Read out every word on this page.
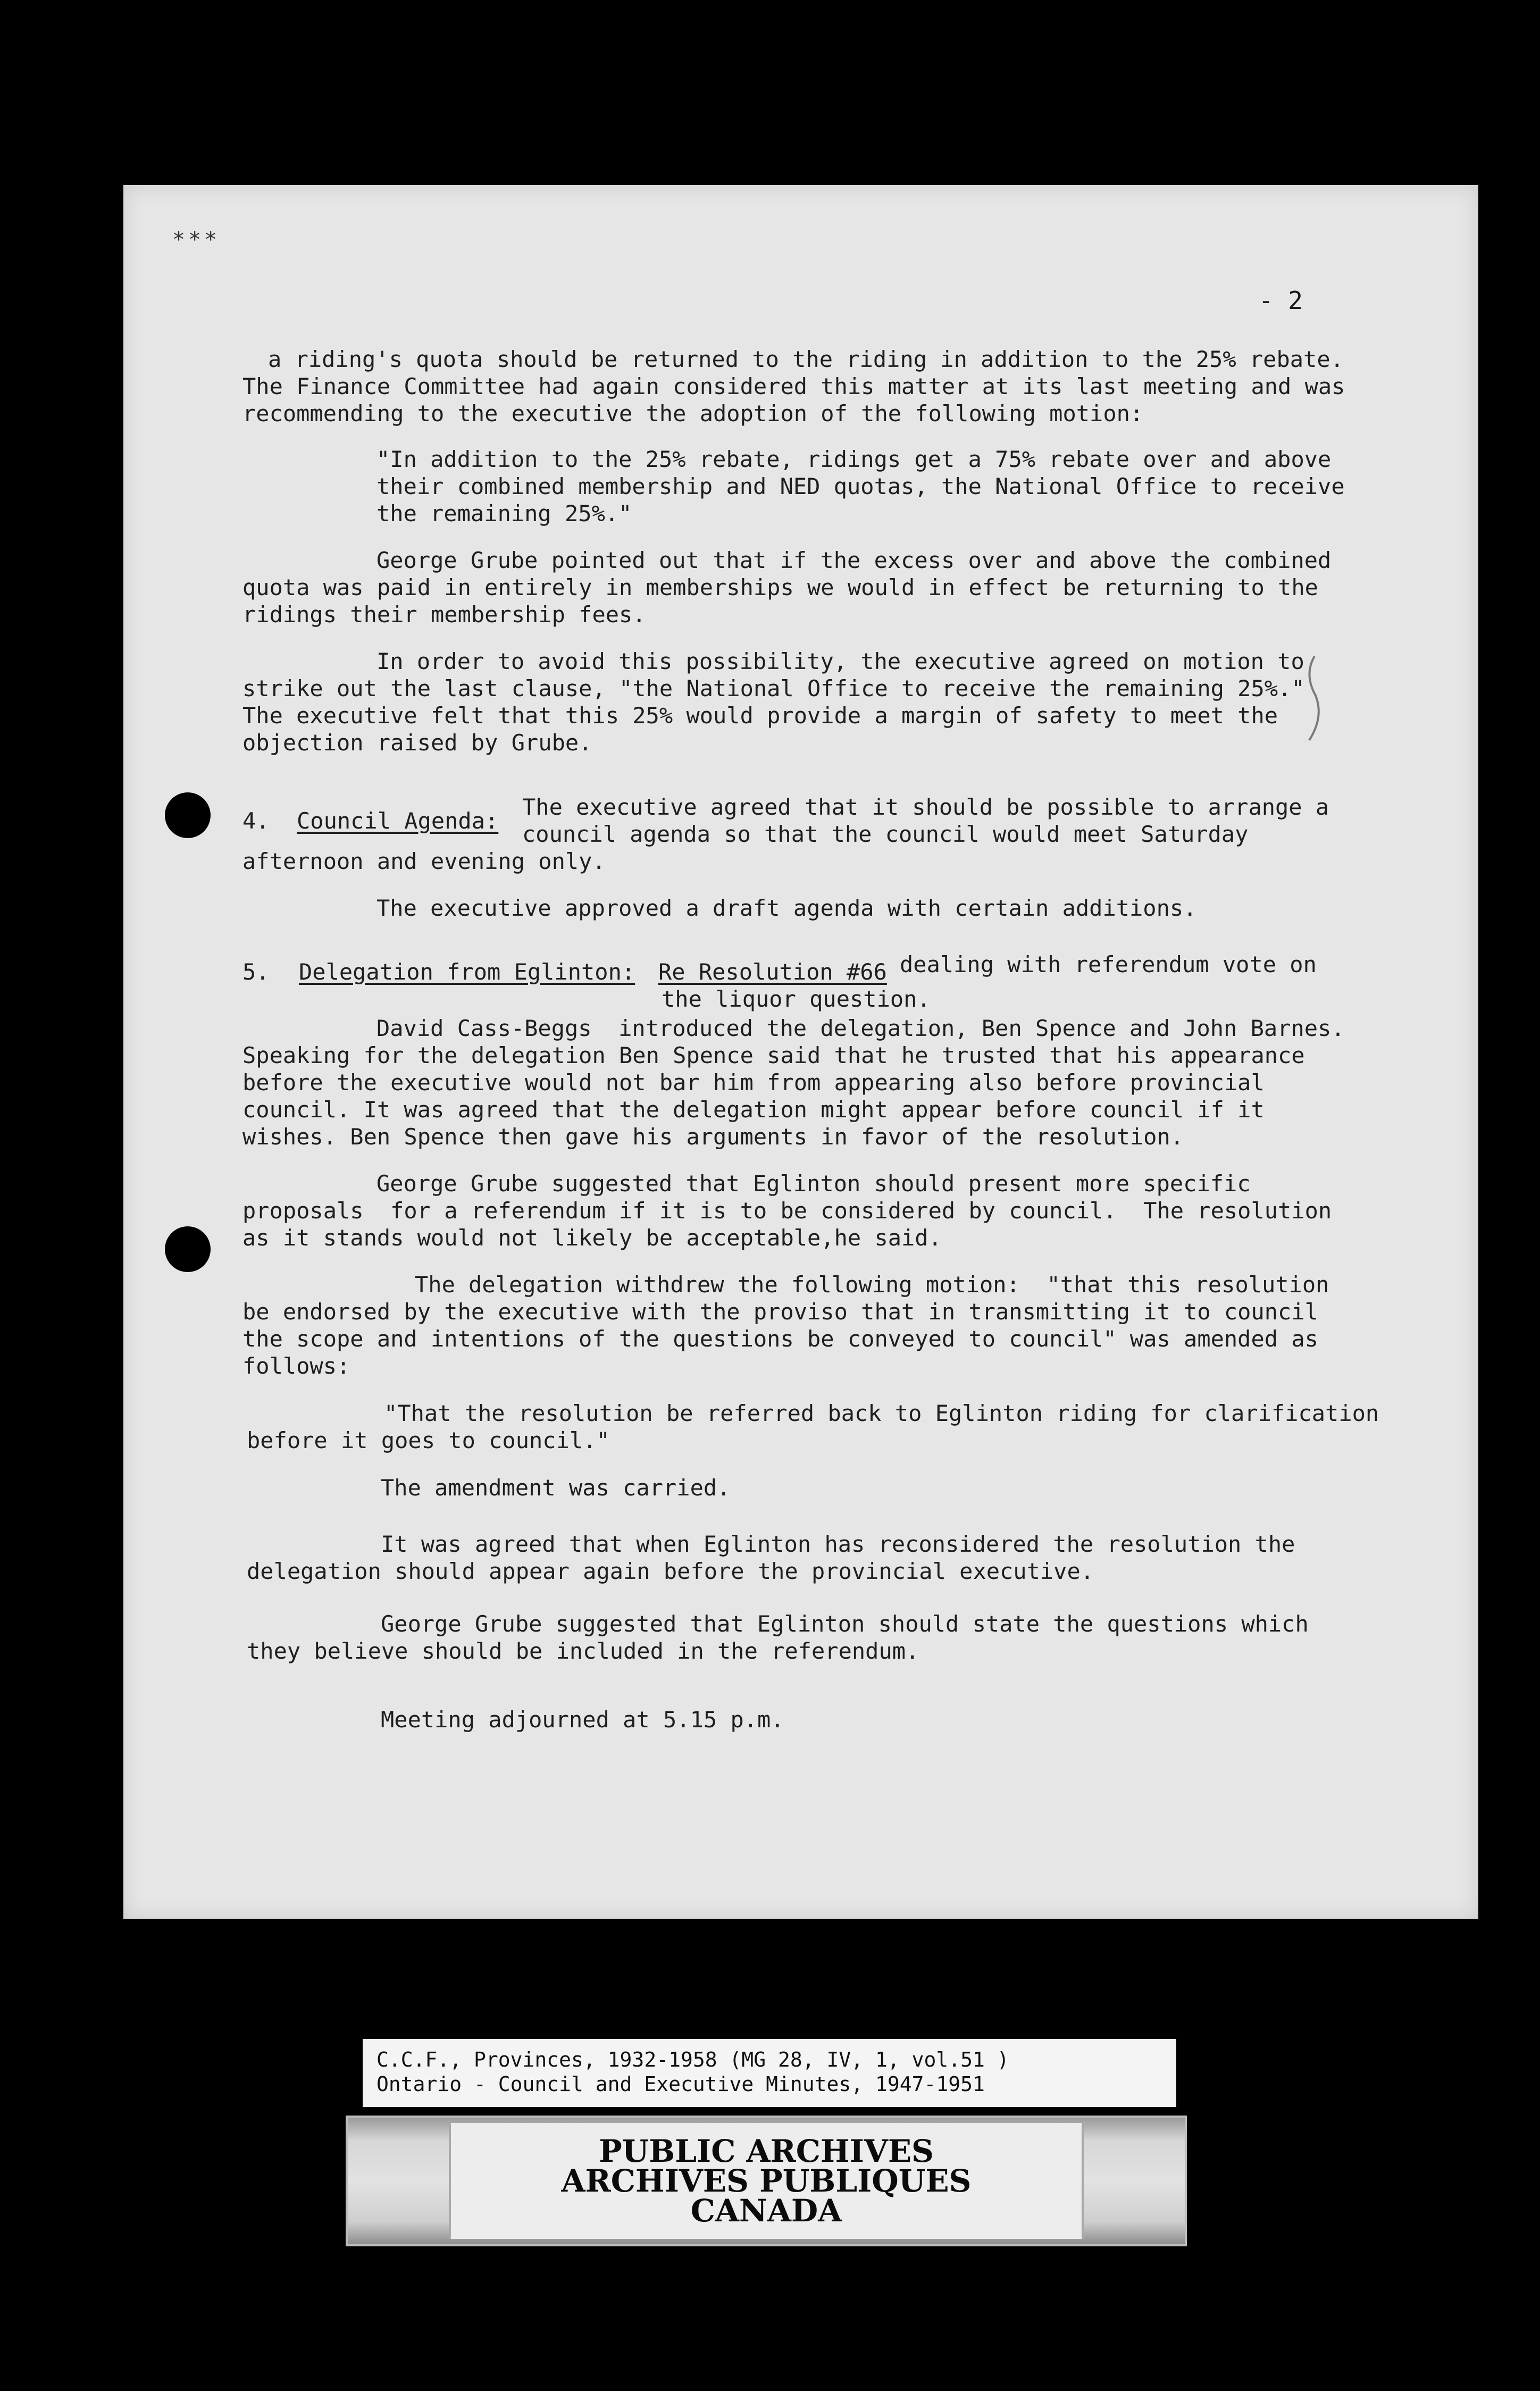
***
- 2
a riding's quota should be returned to the riding in addition to the 25% rebate.
The Finance Committee had again considered this matter at its last meeting and was
recommending to the executive the adoption of the following motion:
"In addition to the 25% rebate, ridings get a 75% rebate over and above
their combined membership and NED quotas, the National Office to receive
the remaining 25%."
George Grube pointed out that if the excess over and above the combined
quota was paid in entirely in memberships we would in effect be returning to the
ridings their membership fees.
In order to avoid this possibility, the executive agreed on motion to
strike out the last clause, "the National Office to receive the remaining 25%."
The executive felt that this 25% would provide a margin of safety to meet the
objection raised by Grube.
4. Council Agenda:
The executive agreed that it should be possible to arrange a
council agenda so that the council would meet Saturday
afternoon and evening only.
The executive approved a draft agenda with certain additions.
5. Delegation from Eglinton: Re Resolution #66 dealing with referendum vote on
the liquor question.
David Cass-Beggs  introduced the delegation, Ben Spence and John Barnes.
Speaking for the delegation Ben Spence said that he trusted that his appearance
before the executive would not bar him from appearing also before provincial
council. It was agreed that the delegation might appear before council if it
wishes. Ben Spence then gave his arguments in favor of the resolution.
George Grube suggested that Eglinton should present more specific
proposals  for a referendum if it is to be considered by council.  The resolution
as it stands would not likely be acceptable,he said.
The delegation withdrew the following motion:  "that this resolution
be endorsed by the executive with the proviso that in transmitting it to council
the scope and intentions of the questions be conveyed to council" was amended as
follows:
"That the resolution be referred back to Eglinton riding for clarification
before it goes to council."
The amendment was carried.
It was agreed that when Eglinton has reconsidered the resolution the
delegation should appear again before the provincial executive.
George Grube suggested that Eglinton should state the questions which
they believe should be included in the referendum.
Meeting adjourned at 5.15 p.m.
C.C.F., Provinces, 1932-1958 (MG 28, IV, 1, vol.51 )
Ontario - Council and Executive Minutes, 1947-1951
PUBLIC ARCHIVES
ARCHIVES PUBLIQUES
CANADA
